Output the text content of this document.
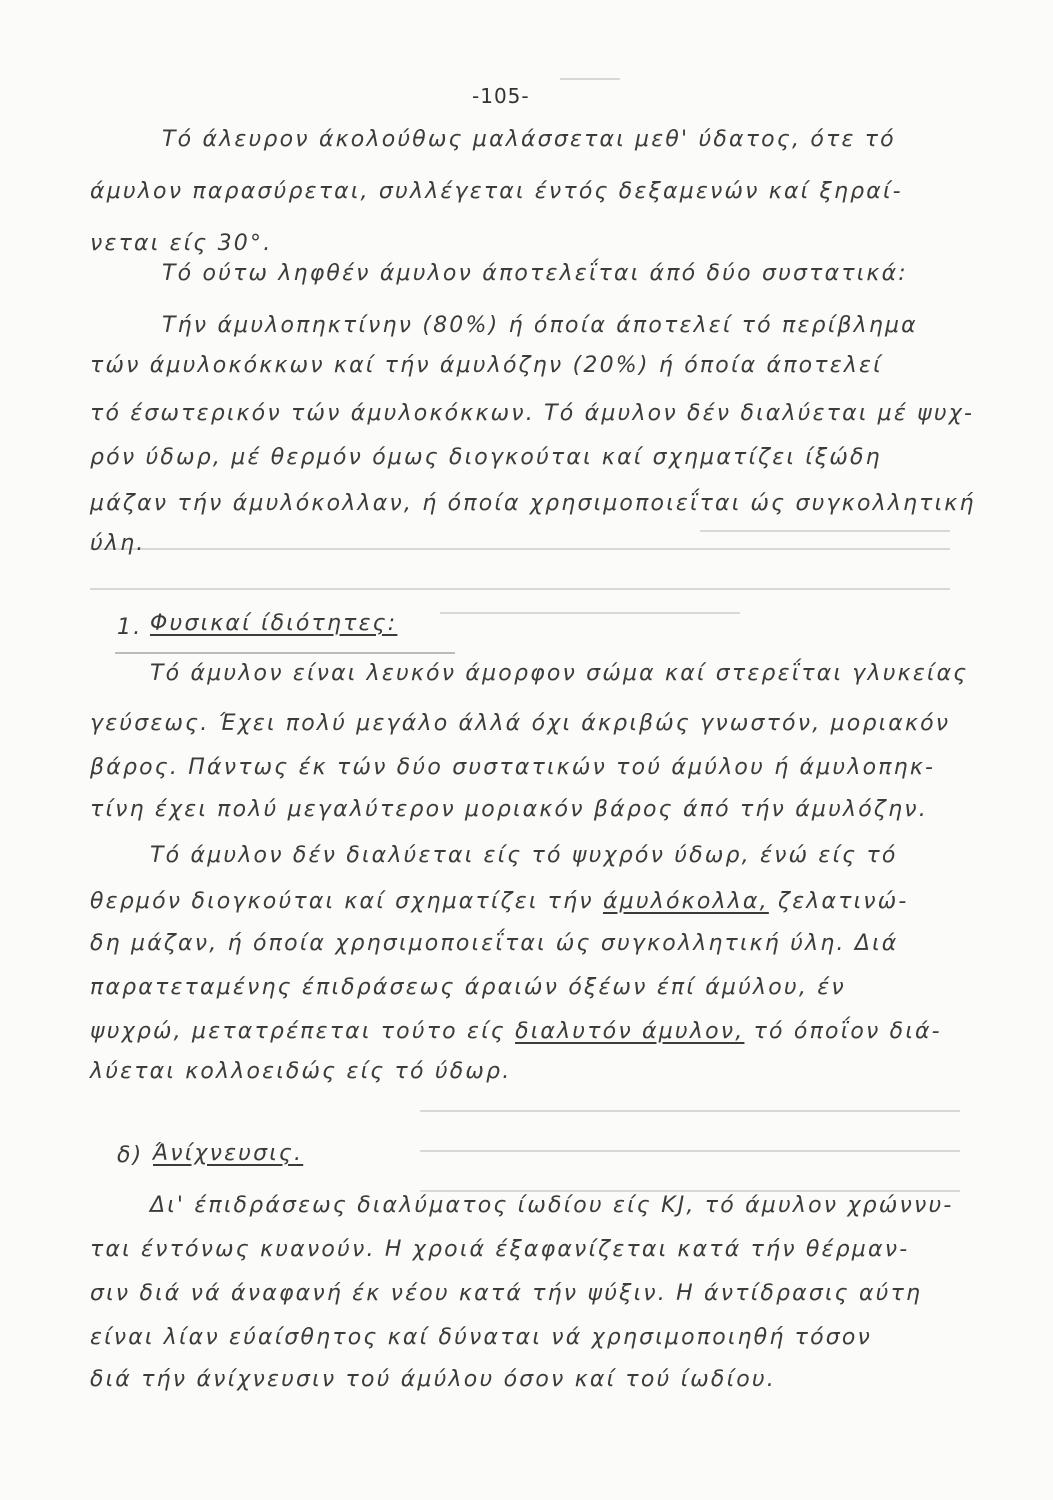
-105-
Τό άλευρον άκολούθως μαλάσσεται μεθ' ύδατος, ότε τό
άμυλον παρασύρεται, συλλέγεται έντός δεξαμενών καί ξηραί-
νεται είς 30°.
Τό ούτω ληφθέν άμυλον άποτελεΐται άπό δύο συστατικά:
Τήν άμυλοπηκτίνην (80%) ή όποία άποτελεί τό περίβλημα
τών άμυλοκόκκων καί τήν άμυλόζην (20%) ή όποία άποτελεί
τό έσωτερικόν τών άμυλοκόκκων. Τό άμυλον δέν διαλύεται μέ ψυχ-
ρόν ύδωρ, μέ θερμόν όμως διογκούται καί σχηματίζει ίξώδη
μάζαν τήν άμυλόκολλαν, ή όποία χρησιμοποιεΐται ώς συγκολλητική
ύλη.
1. Φυσικαί ίδιότητες:
Τό άμυλον είναι λευκόν άμορφον σώμα καί στερεΐται γλυκείας
γεύσεως. Έχει πολύ μεγάλο άλλά όχι άκριβώς γνωστόν, μοριακόν
βάρος. Πάντως έκ τών δύο συστατικών τού άμύλου ή άμυλοπηκ-
τίνη έχει πολύ μεγαλύτερον μοριακόν βάρος άπό τήν άμυλόζην.
Τό άμυλον δέν διαλύεται είς τό ψυχρόν ύδωρ, ένώ είς τό
θερμόν διογκούται καί σχηματίζει τήν άμυλόκολλα, ζελατινώ-
δη μάζαν, ή όποία χρησιμοποιεΐται ώς συγκολλητική ύλη. Διά
παρατεταμένης έπιδράσεως άραιών όξέων έπί άμύλου, έν
ψυχρώ, μετατρέπεται τούτο είς διαλυτόν άμυλον, τό όποΐον διά-
λύεται κολλοειδώς είς τό ύδωρ.
δ) Άνίχνευσις.
Δι' έπιδράσεως διαλύματος ίωδίου είς KJ, τό άμυλον χρώννυ-
ται έντόνως κυανούν. Η χροιά έξαφανίζεται κατά τήν θέρμαν-
σιν διά νά άναφανή έκ νέου κατά τήν ψύξιν. Η άντίδρασις αύτη
είναι λίαν εύαίσθητος καί δύναται νά χρησιμοποιηθή τόσον
διά τήν άνίχνευσιν τού άμύλου όσον καί τού ίωδίου.
